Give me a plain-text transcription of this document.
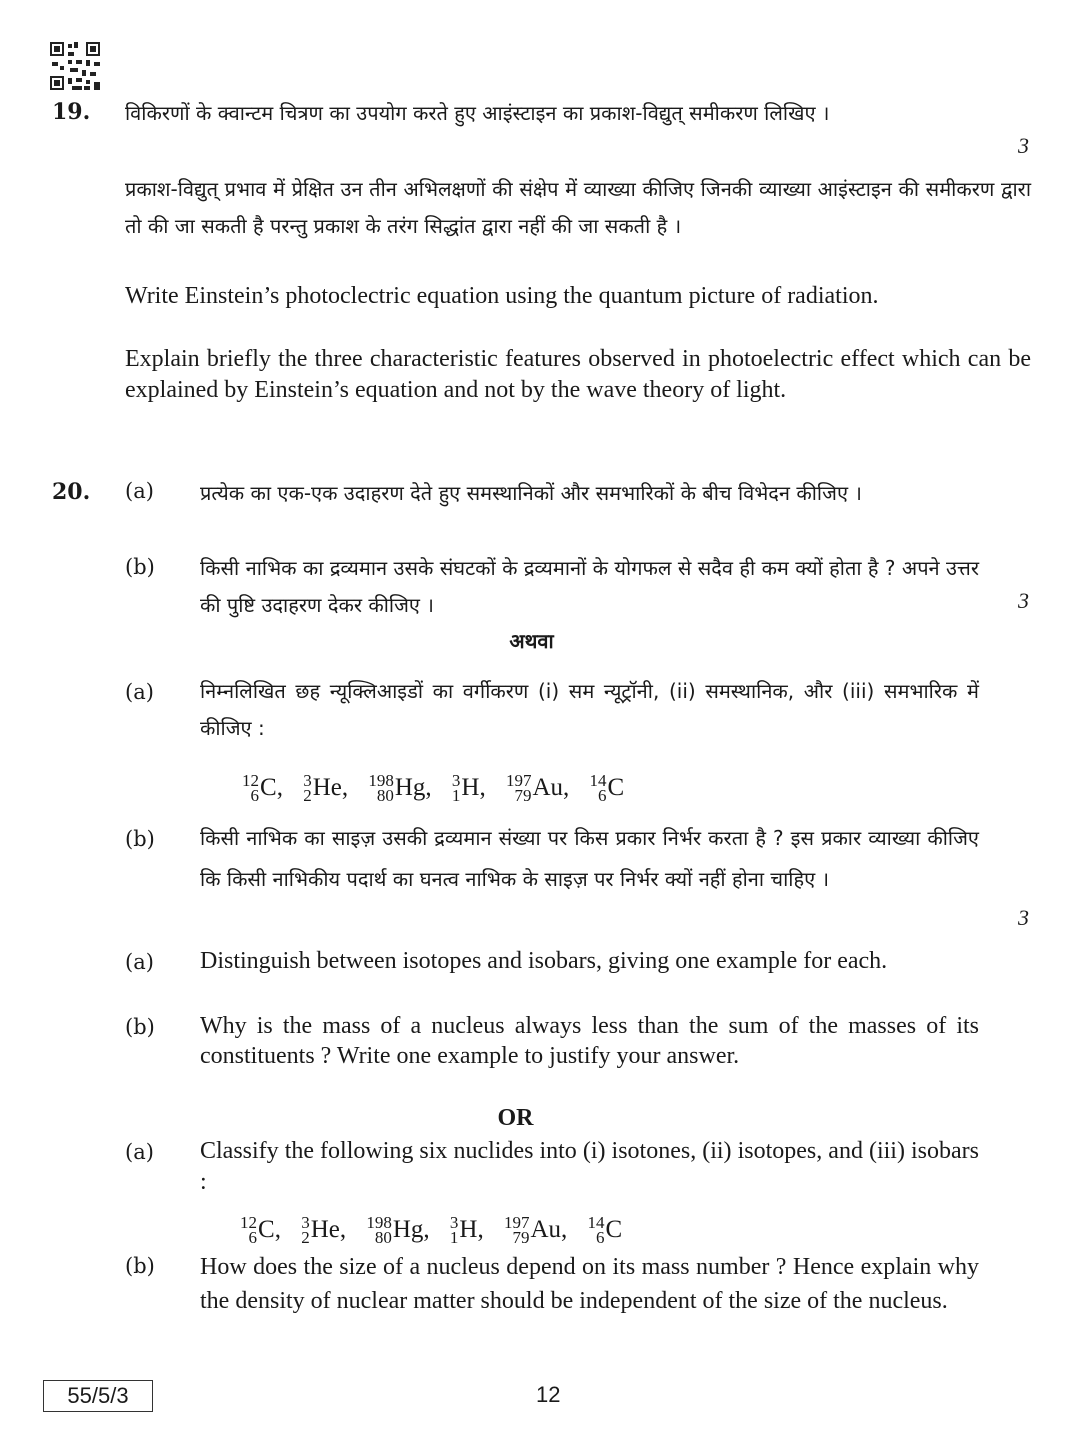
19. विकिरणों के क्वान्टम चित्रण का उपयोग करते हुए आइंस्टाइन का प्रकाश-विद्युत् समीकरण लिखिए ।
प्रकाश-विद्युत् प्रभाव में प्रेक्षित उन तीन अभिलक्षणों की संक्षेप में व्याख्या कीजिए जिनकी व्याख्या आइंस्टाइन की समीकरण द्वारा तो की जा सकती है परन्तु प्रकाश के तरंग सिद्धांत द्वारा नहीं की जा सकती है ।
Write Einstein’s photoclectric equation using the quantum picture of radiation.
Explain briefly the three characteristic features observed in photoelectric effect which can be explained by Einstein’s equation and not by the wave theory of light.
3
20. (a) प्रत्येक का एक-एक उदाहरण देते हुए समस्थानिकों और समभारिकों के बीच विभेदन कीजिए ।
(b) किसी नाभिक का द्रव्यमान उसके संघटकों के द्रव्यमानों के योगफल से सदैव ही कम क्यों होता है ? अपने उत्तर की पुष्टि उदाहरण देकर कीजिए ।	3
अथवा
(a) निम्नलिखित छह न्यूक्लिआइडों का वर्गीकरण (i) सम न्यूट्रॉनी, (ii) समस्थानिक, और (iii) समभारिक में कीजिए :
12
6 C , 3
2 He , 198
80 Hg , 3
1 H , 197
79 Au , 14
6 C
(b) किसी नाभिक का साइज़ उसकी द्रव्यमान संख्या पर किस प्रकार निर्भर करता है ? इस प्रकार व्याख्या कीजिए कि किसी नाभिकीय पदार्थ का घनत्व नाभिक के साइज़ पर निर्भर क्यों नहीं होना चाहिए ।
3
(a) Distinguish between isotopes and isobars, giving one example for each.
(b) Why is the mass of a nucleus always less than the sum of the masses of its constituents ? Write one example to justify your answer.
OR
(a) Classify the following six nuclides into (i) isotones, (ii) isotopes, and (iii) isobars :
12
6 C , 3
2 He , 198
80 Hg , 3
1 H , 197
79 Au , 14
6 C
(b) How does the size of a nucleus depend on its mass number ? Hence explain why the density of nuclear matter should be independent of the size of the nucleus.
55/5/3	12
